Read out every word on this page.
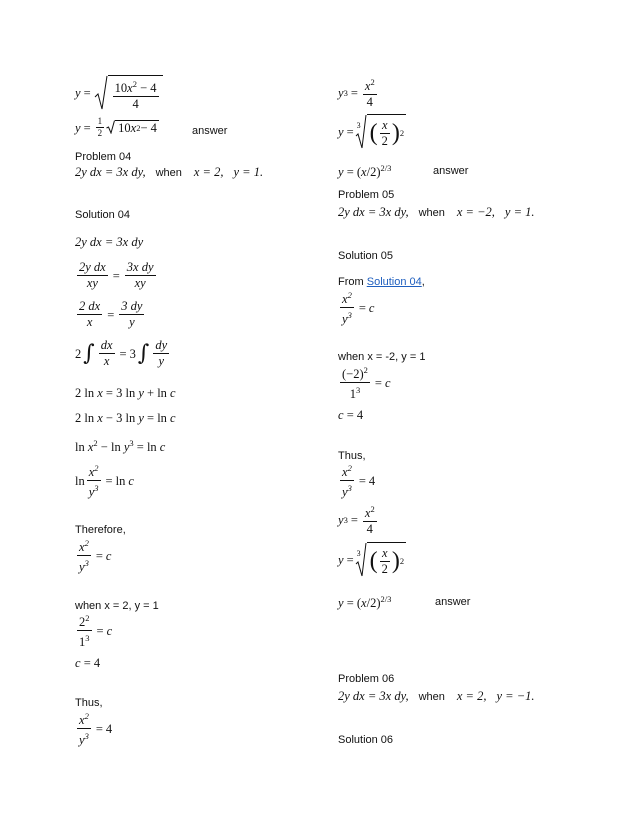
$y = \frac{10x^2 - 4}{4}$
$y = \frac{1}{2} 10$ x 2 − 4	answer
Problem 04
2y dx = 3x dy, when x = 2, y = 1.
Solution 04
2y dx = 3x dy
$\frac{\text{2y dx}}{xy} = \frac{\text{3x dy}}{xy}$
$\frac{2 dx}{x} = \frac{3 dy}{y}$
2 ∫ $\frac{dx}{x} = 3$ ∫ $\frac{dy}{y}$
2 ln x = 3 ln y + ln c
2 ln x − 3 ln y = ln c
$\ln x^2 - \ln y^3 = \ln c$
$\ln \frac{x^2}{y^3} = \ln c$
Therefore,
$\frac{x^2}{y^3} = c$
when x = 2, y = 1
$\frac{2^2}{1^3} = c$
c = 4
Thus,
$\frac{x^2}{y^3} = 4$
y $3 = \frac{x^2}{4}$
y = 3 ( $\frac{x}{2}$ ) 2
$y = (x/2)^{2/3}$	answer
Problem 05
2y dx = 3x dy, when x = −2, y = 1.
Solution 05
From Solution 04,
$\frac{x^2}{y^3} = c$
when x = -2, y = 1
$\frac{(-2)^2}{1^3} = c$
c = 4
Thus,
$\frac{x^2}{y^3} = 4$
y $3 = \frac{x^2}{4}$
y = 3 ( $\frac{x}{2}$ ) 2
$y = (x/2)^{2/3}$	answer
Problem 06
2y dx = 3x dy, when x = 2, y = −1.
Solution 06
